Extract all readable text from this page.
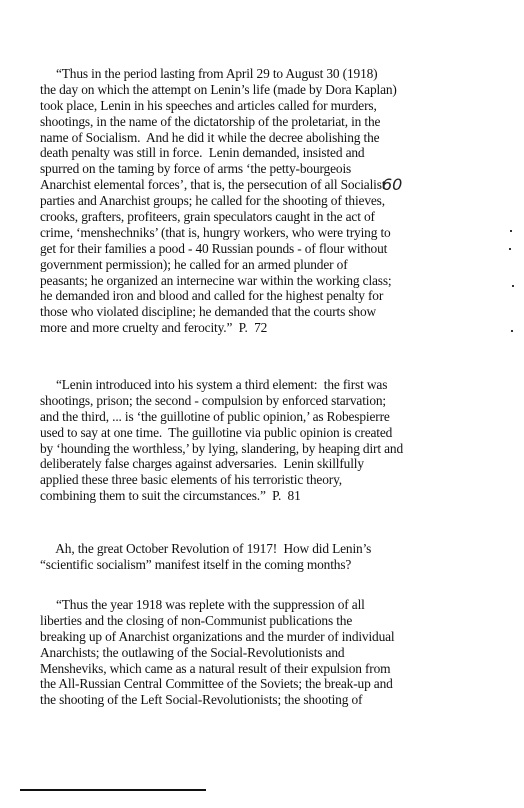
“Thus in the period lasting from April 29 to August 30 (1918)
the day on which the attempt on Lenin’s life (made by Dora Kaplan)
took place, Lenin in his speeches and articles called for murders,
shootings, in the name of the dictatorship of the proletariat, in the
name of Socialism.  And he did it while the decree abolishing the
death penalty was still in force.  Lenin demanded, insisted and
spurred on the taming by force of arms ‘the petty-bourgeois
Anarchist elemental forces’, that is, the persecution of all Socialist
parties and Anarchist groups; he called for the shooting of thieves,
crooks, grafters, profiteers, grain speculators caught in the act of
crime, ‘menshechniks’ (that is, hungry workers, who were trying to
get for their families a pood - 40 Russian pounds - of flour without
government permission); he called for an armed plunder of
peasants; he organized an internecine war within the working class;
he demanded iron and blood and called for the highest penalty for
those who violated discipline; he demanded that the courts show
more and more cruelty and ferocity.”  P.  72
60
“Lenin introduced into his system a third element:  the first was
shootings, prison; the second - compulsion by enforced starvation;
and the third, ... is ‘the guillotine of public opinion,’ as Robespierre
used to say at one time.  The guillotine via public opinion is created
by ‘hounding the worthless,’ by lying, slandering, by heaping dirt and
deliberately false charges against adversaries.  Lenin skillfully
applied these three basic elements of his terroristic theory,
combining them to suit the circumstances.”  P.  81
Ah, the great October Revolution of 1917!  How did Lenin’s
“scientific socialism” manifest itself in the coming months?
“Thus the year 1918 was replete with the suppression of all
liberties and the closing of non-Communist publications the
breaking up of Anarchist organizations and the murder of individual
Anarchists; the outlawing of the Social-Revolutionists and
Mensheviks, which came as a natural result of their expulsion from
the All-Russian Central Committee of the Soviets; the break-up and
the shooting of the Left Social-Revolutionists; the shooting of
